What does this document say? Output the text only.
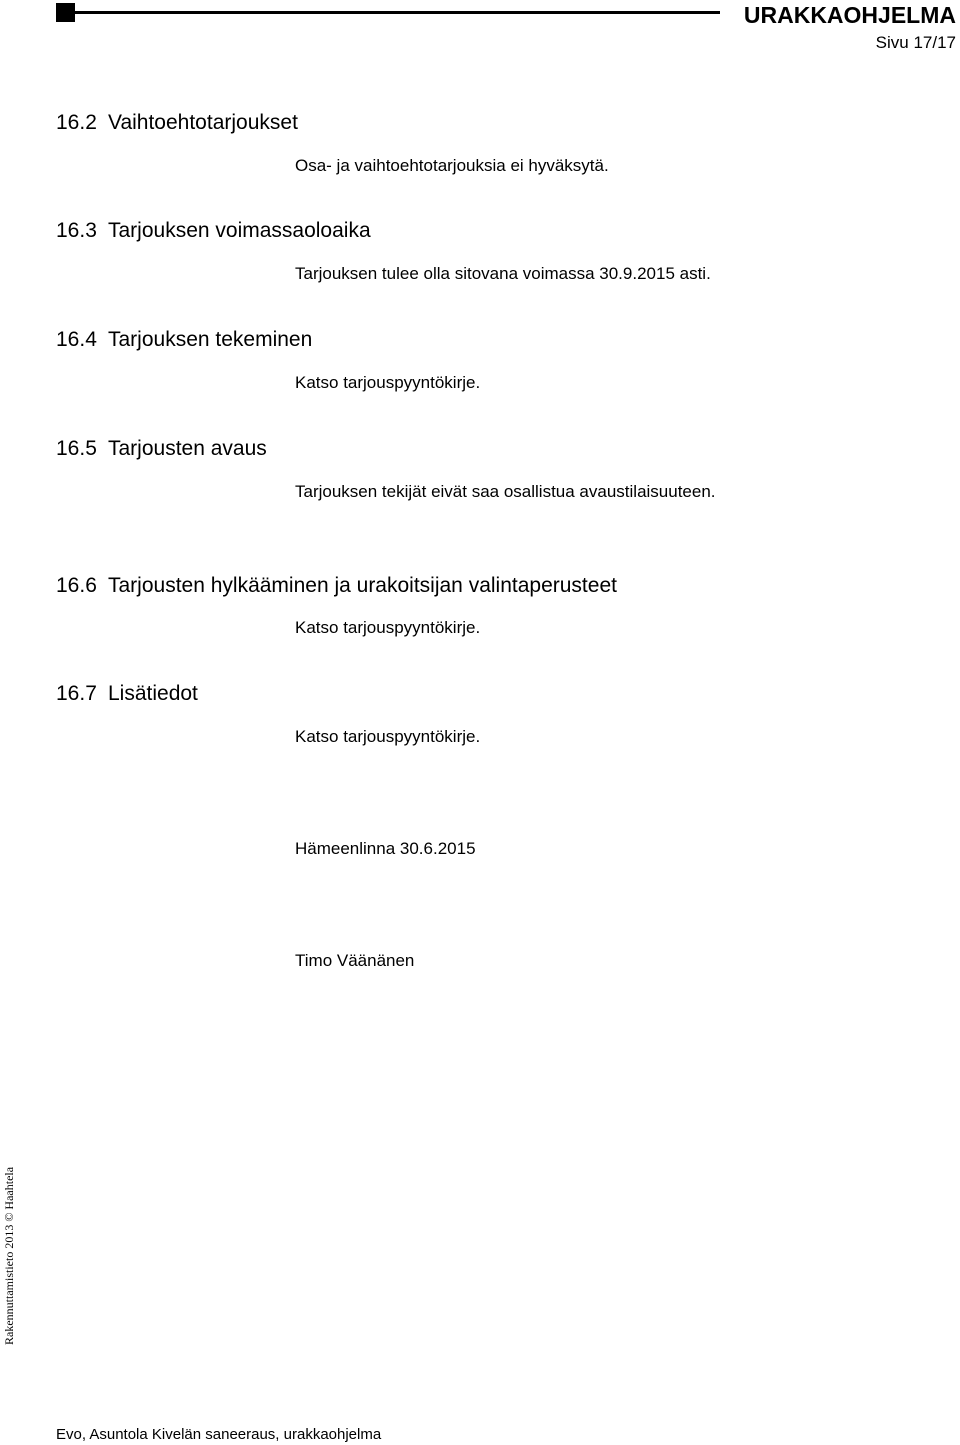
URAKKAOHJELMA
Sivu 17/17
16.2 Vaihtoehtotarjoukset
Osa- ja vaihtoehtotarjouksia ei hyväksytä.
16.3 Tarjouksen voimassaoloaika
Tarjouksen tulee olla sitovana voimassa 30.9.2015 asti.
16.4 Tarjouksen tekeminen
Katso tarjouspyyntökirje.
16.5 Tarjousten avaus
Tarjouksen tekijät eivät saa osallistua avaustilaisuuteen.
16.6 Tarjousten hylkääminen ja urakoitsijan valintaperusteet
Katso tarjouspyyntökirje.
16.7 Lisätiedot
Katso tarjouspyyntökirje.
Hämeenlinna 30.6.2015
Timo Väänänen
Rakennuttamistieto 2013 © Haahtela
Evo, Asuntola Kivelän saneeraus, urakkaohjelma
